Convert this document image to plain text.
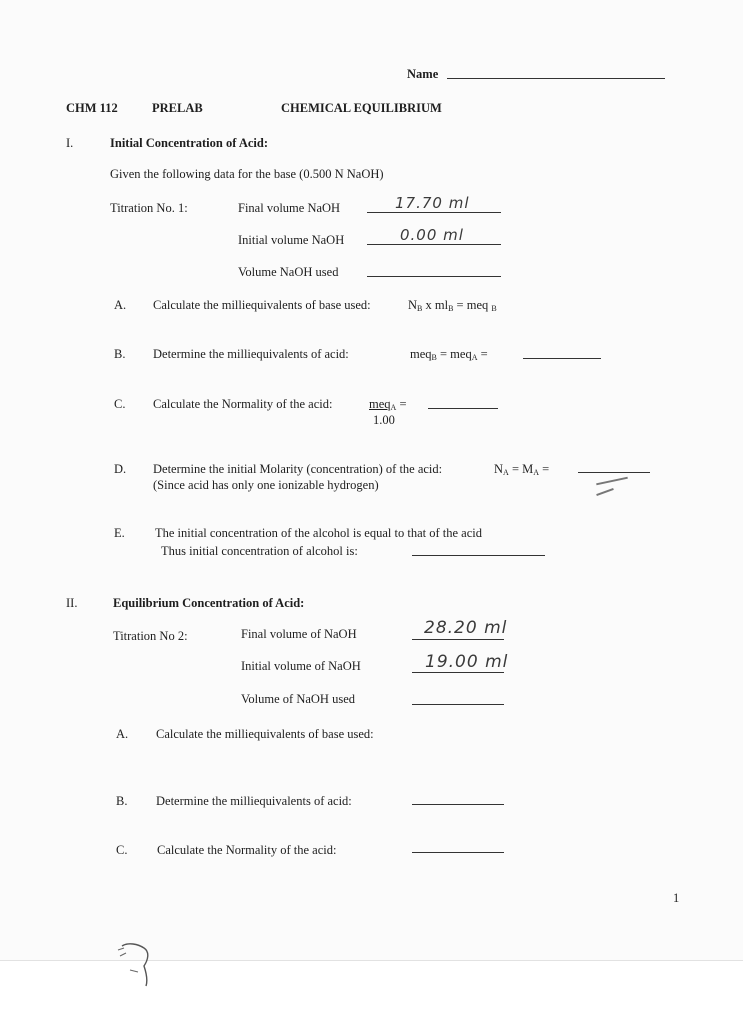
Name
CHM 112	PRELAB	CHEMICAL EQUILIBRIUM
I.	Initial Concentration of Acid:
Given the following data for the base (0.500 N NaOH)
Titration No. 1:	Final volume NaOH	17.70 ml
Initial volume NaOH	0.00 ml
Volume NaOH used
A. Calculate the milliequivalents of base used:	$N_B$ x $ml_B$ = meq $_B$
B. Determine the milliequivalents of acid:	meq$_B$ = meq$_A$ =
C. Calculate the Normality of the acid:	meq$_A$ =
1.00
D. Determine the initial Molarity (concentration) of the acid:	$N_A = M_A$ =
(Since acid has only one ionizable hydrogen)
E. The initial concentration of the alcohol is equal to that of the acid
Thus initial concentration of alcohol is:
II.	Equilibrium Concentration of Acid:
Titration No 2:	Final volume of NaOH	28.20 ml
Initial volume of NaOH	19.00 ml
Volume of NaOH used
A. Calculate the milliequivalents of base used:
B. Determine the milliequivalents of acid:
C. Calculate the Normality of the acid:
1
